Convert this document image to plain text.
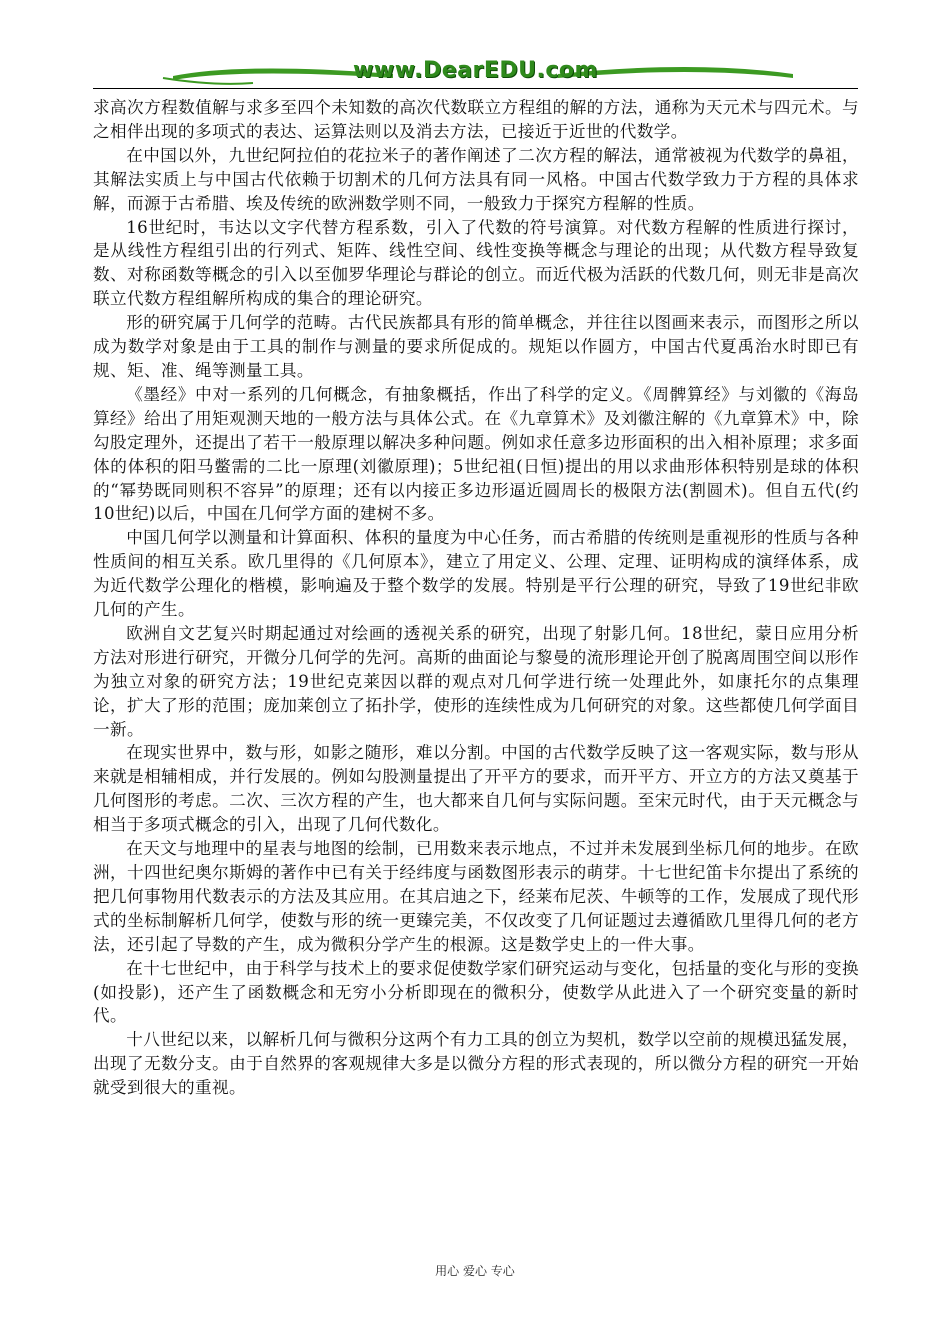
www.DearEDU.com

求高次方程数值解与求多至四个未知数的高次代数联立方程组的解的方法，通称为天元术与四元术。与之相伴出现的多项式的表达、运算法则以及消去方法，已接近于近世的代数学。

在中国以外，九世纪阿拉伯的花拉米子的著作阐述了二次方程的解法，通常被视为代数学的鼻祖，其解法实质上与中国古代依赖于切割术的几何方法具有同一风格。中国古代数学致力于方程的具体求解，而源于古希腊、埃及传统的欧洲数学则不同，一般致力于探究方程解的性质。

16世纪时，韦达以文字代替方程系数，引入了代数的符号演算。对代数方程解的性质进行探讨，是从线性方程组引出的行列式、矩阵、线性空间、线性变换等概念与理论的出现；从代数方程导致复数、对称函数等概念的引入以至伽罗华理论与群论的创立。而近代极为活跃的代数几何，则无非是高次联立代数方程组解所构成的集合的理论研究。

形的研究属于几何学的范畴。古代民族都具有形的简单概念，并往往以图画来表示，而图形之所以成为数学对象是由于工具的制作与测量的要求所促成的。规矩以作圆方，中国古代夏禹治水时即已有规、矩、准、绳等测量工具。

《墨经》中对一系列的几何概念，有抽象概括，作出了科学的定义。《周髀算经》与刘徽的《海岛算经》给出了用矩观测天地的一般方法与具体公式。在《九章算术》及刘徽注解的《九章算术》中，除勾股定理外，还提出了若干一般原理以解决多种问题。例如求任意多边形面积的出入相补原理；求多面体的体积的阳马鳖需的二比一原理(刘徽原理)；5世纪祖(日恒)提出的用以求曲形体积特别是球的体积的“幂势既同则积不容异”的原理；还有以内接正多边形逼近圆周长的极限方法(割圆术)。但自五代(约10世纪)以后，中国在几何学方面的建树不多。

中国几何学以测量和计算面积、体积的量度为中心任务，而古希腊的传统则是重视形的性质与各种性质间的相互关系。欧几里得的《几何原本》，建立了用定义、公理、定理、证明构成的演绎体系，成为近代数学公理化的楷模，影响遍及于整个数学的发展。特别是平行公理的研究，导致了19世纪非欧几何的产生。

欧洲自文艺复兴时期起通过对绘画的透视关系的研究，出现了射影几何。18世纪，蒙日应用分析方法对形进行研究，开微分几何学的先河。高斯的曲面论与黎曼的流形理论开创了脱离周围空间以形作为独立对象的研究方法；19世纪克莱因以群的观点对几何学进行统一处理此外，如康托尔的点集理论，扩大了形的范围；庞加莱创立了拓扑学，使形的连续性成为几何研究的对象。这些都使几何学面目一新。

在现实世界中，数与形，如影之随形，难以分割。中国的古代数学反映了这一客观实际，数与形从来就是相辅相成，并行发展的。例如勾股测量提出了开平方的要求，而开平方、开立方的方法又奠基于几何图形的考虑。二次、三次方程的产生，也大都来自几何与实际问题。至宋元时代，由于天元概念与相当于多项式概念的引入，出现了几何代数化。

在天文与地理中的星表与地图的绘制，已用数来表示地点，不过并未发展到坐标几何的地步。在欧洲，十四世纪奥尔斯姆的著作中已有关于经纬度与函数图形表示的萌芽。十七世纪笛卡尔提出了系统的把几何事物用代数表示的方法及其应用。在其启迪之下，经莱布尼茨、牛顿等的工作，发展成了现代形式的坐标制解析几何学，使数与形的统一更臻完美，不仅改变了几何证题过去遵循欧几里得几何的老方法，还引起了导数的产生，成为微积分学产生的根源。这是数学史上的一件大事。

在十七世纪中，由于科学与技术上的要求促使数学家们研究运动与变化，包括量的变化与形的变换(如投影)，还产生了函数概念和无穷小分析即现在的微积分，使数学从此进入了一个研究变量的新时代。

十八世纪以来，以解析几何与微积分这两个有力工具的创立为契机，数学以空前的规模迅猛发展，出现了无数分支。由于自然界的客观规律大多是以微分方程的形式表现的，所以微分方程的研究一开始就受到很大的重视。

用心 爱心 专心
